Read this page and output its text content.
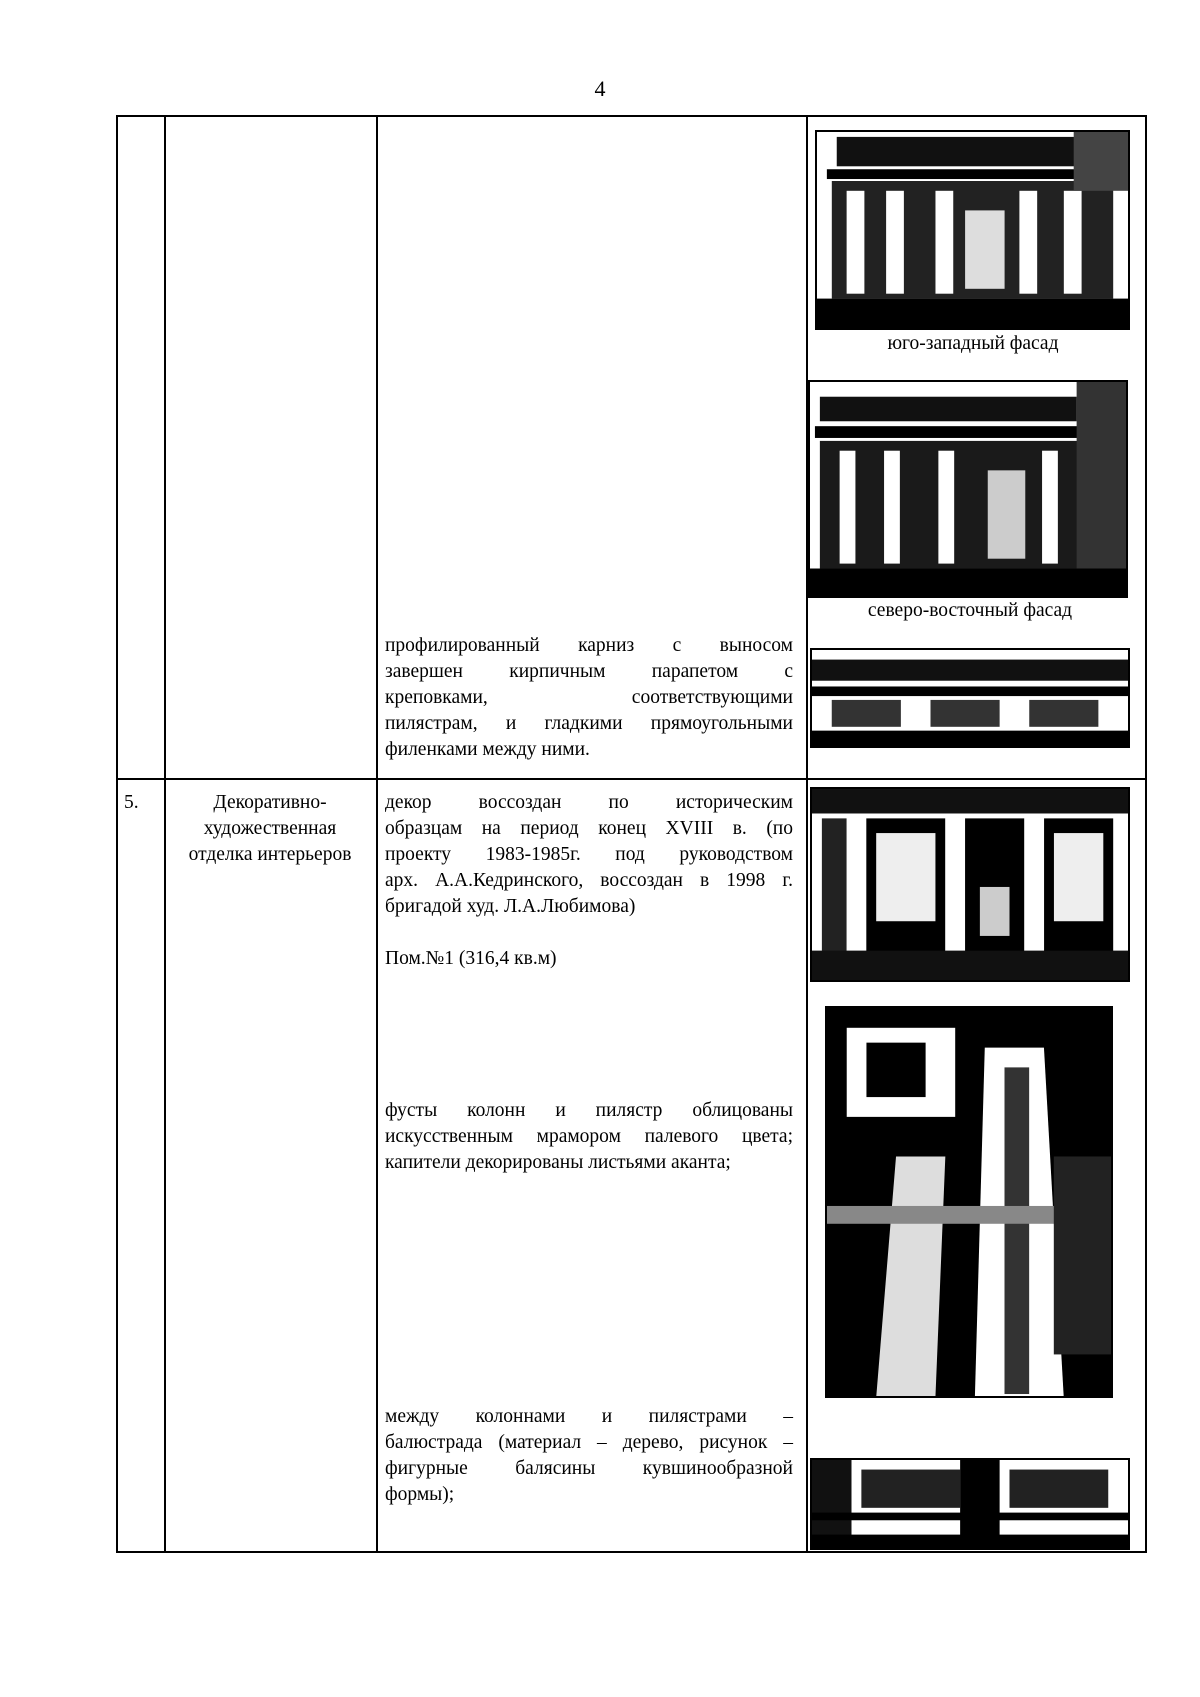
4
профилированный карниз с выносом
завершен кирпичным парапетом с
креповками, соответствующими
пилястрам, и гладкими прямоугольными
филенками между ними.
юго-западный фасад
северо-восточный фасад
5.	Декоративно-
художественная
отделка интерьеров
декор воссоздан по историческим
образцам на период конец XVIII в. (по
проекту 1983-1985г. под руководством
арх. А.А.Кедринского, воссоздан в 1998 г.
бригадой худ. Л.А.Любимова)
Пом.№1 (316,4 кв.м)
фусты колонн и пилястр облицованы
искусственным мрамором палевого цвета;
капители декорированы листьями аканта;
между колоннами и пилястрами –
балюстрада (материал – дерево, рисунок –
фигурные балясины кувшинообразной
формы);
